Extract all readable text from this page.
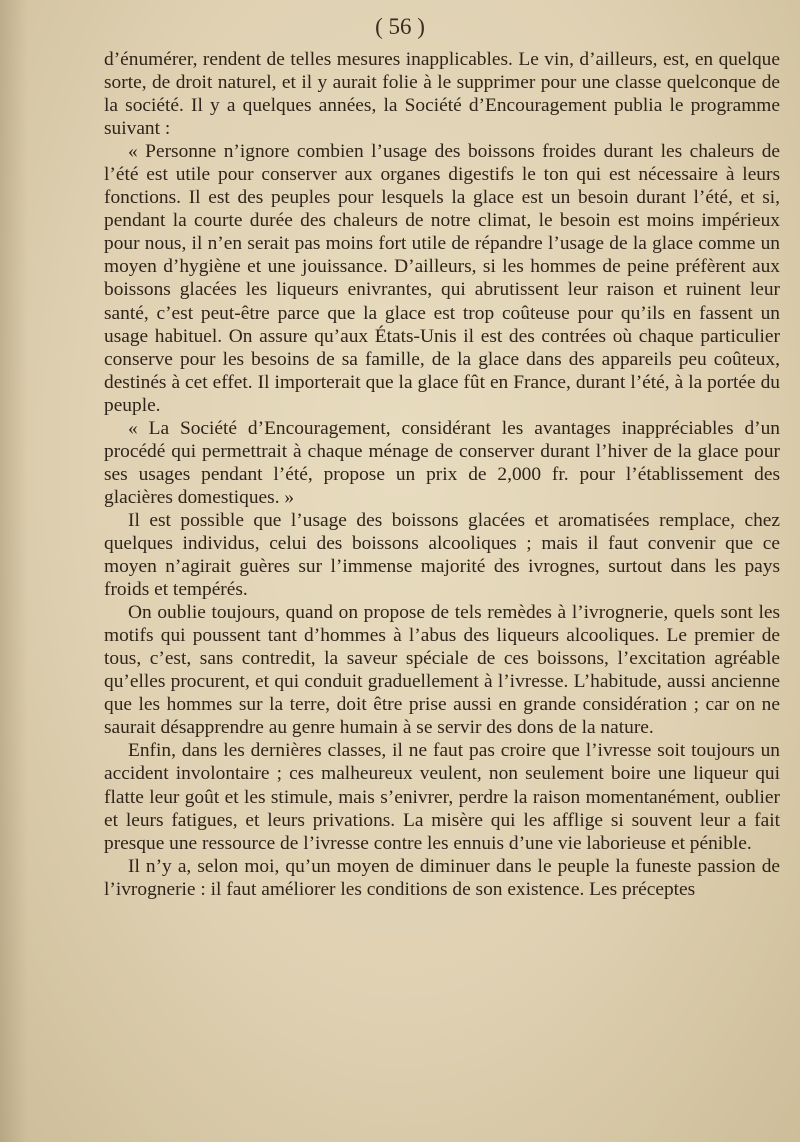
( 56 )

d’énumérer, rendent de telles mesures inapplicables. Le vin, d’ailleurs, est, en quelque sorte, de droit naturel, et il y aurait folie à le supprimer pour une classe quelconque de la société. Il y a quelques années, la Société d’Encouragement publia le programme suivant :

« Personne n’ignore combien l’usage des boissons froides durant les chaleurs de l’été est utile pour conserver aux organes digestifs le ton qui est nécessaire à leurs fonctions. Il est des peuples pour lesquels la glace est un besoin durant l’été, et si, pendant la courte durée des chaleurs de notre climat, le besoin est moins impérieux pour nous, il n’en serait pas moins fort utile de répandre l’usage de la glace comme un moyen d’hygiène et une jouissance. D’ailleurs, si les hommes de peine préfèrent aux boissons glacées les liqueurs enivrantes, qui abrutissent leur raison et ruinent leur santé, c’est peut-être parce que la glace est trop coûteuse pour qu’ils en fassent un usage habituel. On assure qu’aux États-Unis il est des contrées où chaque particulier conserve pour les besoins de sa famille, de la glace dans des appareils peu coûteux, destinés à cet effet. Il importerait que la glace fût en France, durant l’été, à la portée du peuple.

« La Société d’Encouragement, considérant les avantages inappréciables d’un procédé qui permettrait à chaque ménage de conserver durant l’hiver de la glace pour ses usages pendant l’été, propose un prix de 2,000 fr. pour l’établissement des glacières domestiques. »

Il est possible que l’usage des boissons glacées et aromatisées remplace, chez quelques individus, celui des boissons alcooliques ; mais il faut convenir que ce moyen n’agirait guères sur l’immense majorité des ivrognes, surtout dans les pays froids et tempérés.

On oublie toujours, quand on propose de tels remèdes à l’ivrognerie, quels sont les motifs qui poussent tant d’hommes à l’abus des liqueurs alcooliques. Le premier de tous, c’est, sans contredit, la saveur spéciale de ces boissons, l’excitation agréable qu’elles procurent, et qui conduit graduellement à l’ivresse. L’habitude, aussi ancienne que les hommes sur la terre, doit être prise aussi en grande considération ; car on ne saurait désapprendre au genre humain à se servir des dons de la nature.

Enfin, dans les dernières classes, il ne faut pas croire que l’ivresse soit toujours un accident involontaire ; ces malheureux veulent, non seulement boire une liqueur qui flatte leur goût et les stimule, mais s’enivrer, perdre la raison momentanément, oublier et leurs fatigues, et leurs privations. La misère qui les afflige si souvent leur a fait presque une ressource de l’ivresse contre les ennuis d’une vie laborieuse et pénible.

Il n’y a, selon moi, qu’un moyen de diminuer dans le peuple la funeste passion de l’ivrognerie : il faut améliorer les conditions de son existence. Les préceptes
